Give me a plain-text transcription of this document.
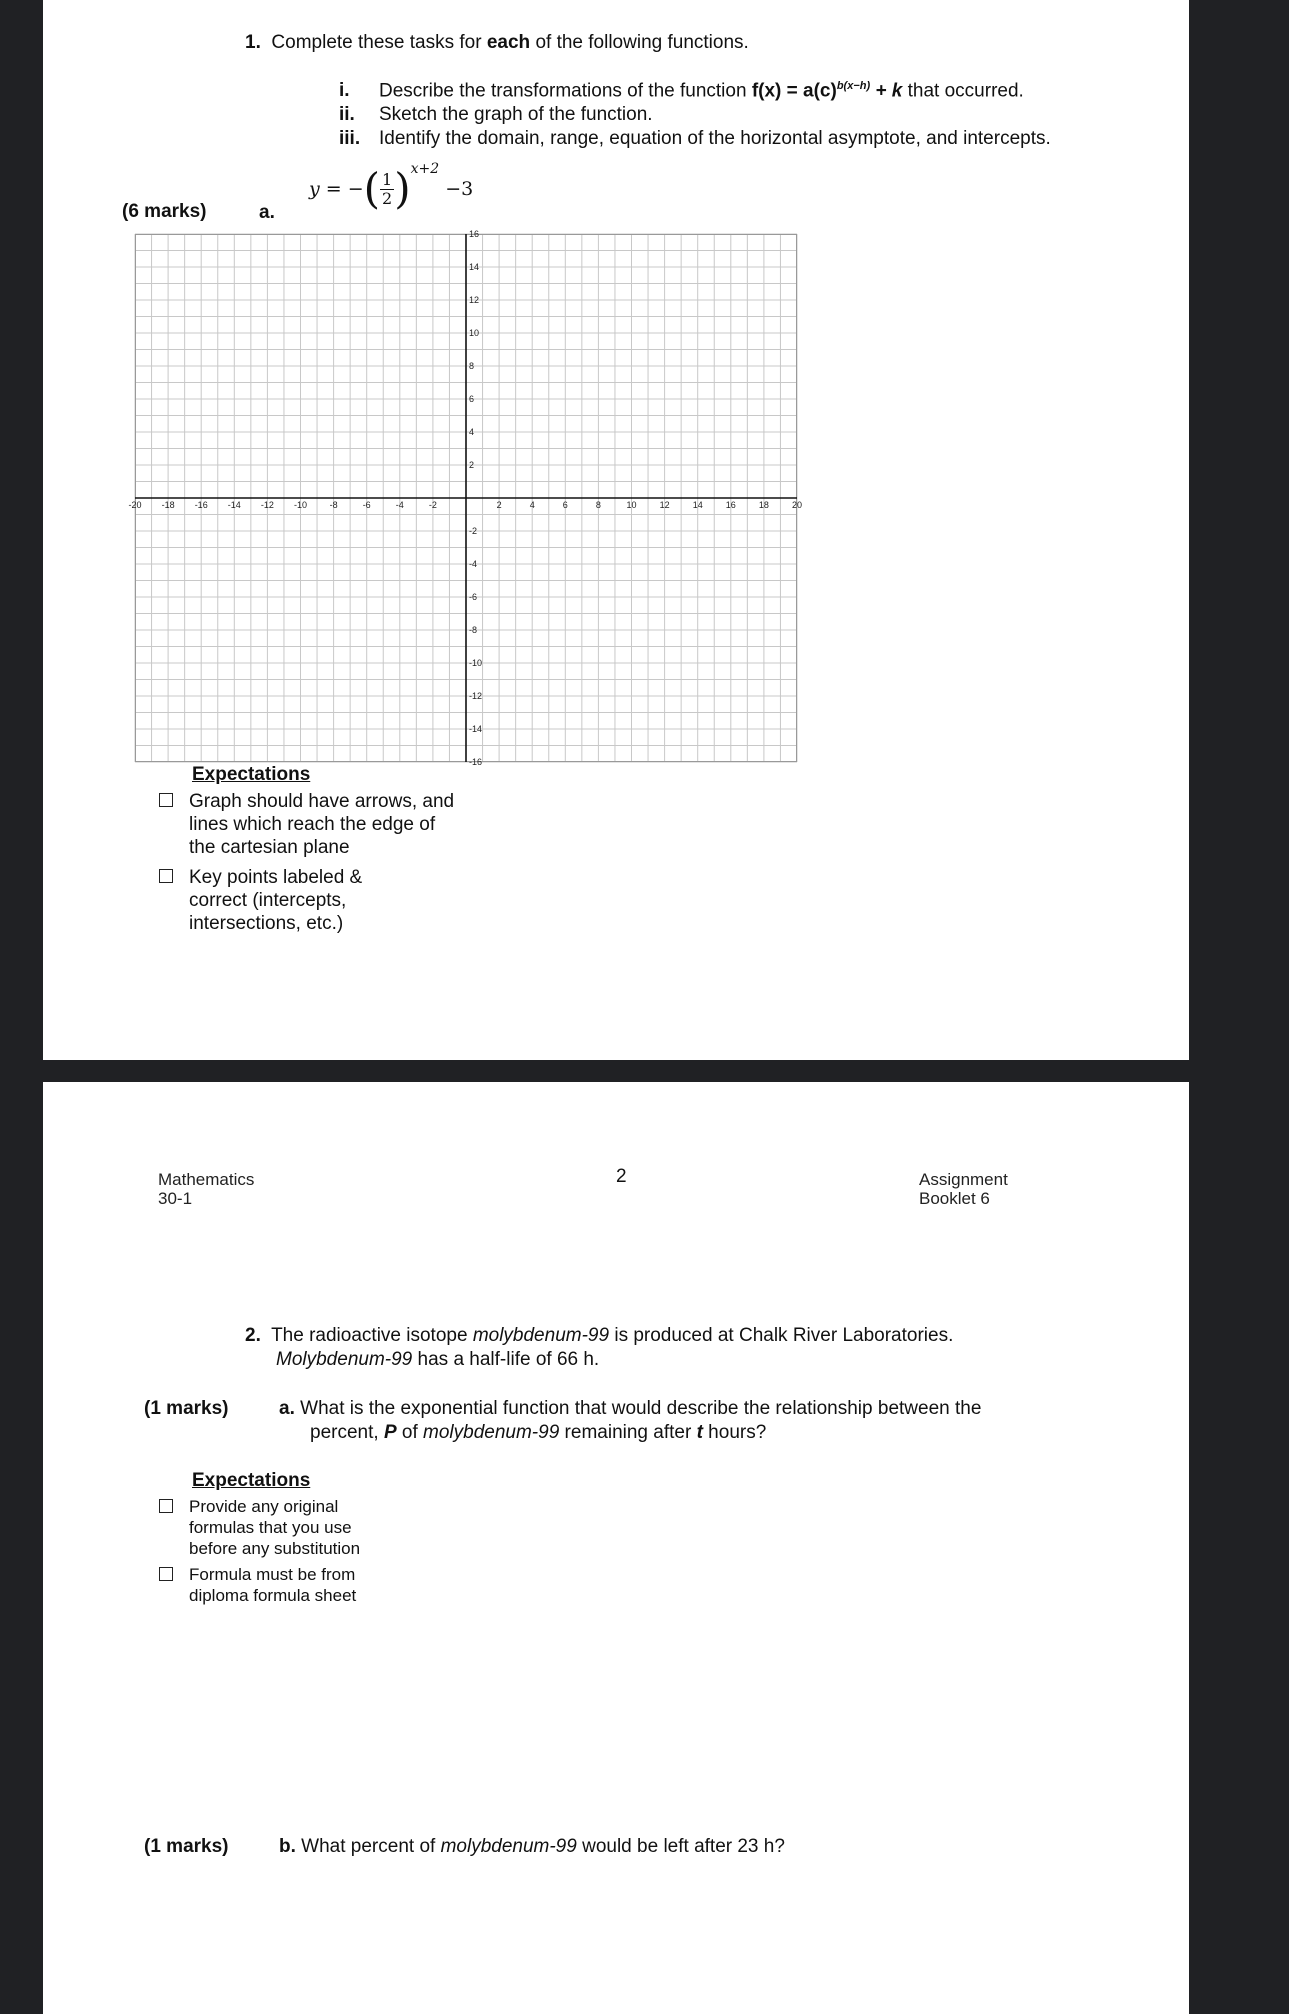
1. Complete these tasks for each of the following functions.
i. Describe the transformations of the function $f(x) = a(c)^{b(x-h)} + k$ that occurred.
ii. Sketch the graph of the function.
iii. Identify the domain, range, equation of the horizontal asymptote, and intercepts.
(6 marks)	a.
y = −( $\frac{1}{2} )^{x+2} -3$
-20 -18 -16 -14 -12 -10	-8	-6	-4	-2	2	4	6	8	10	12	14	16	18	20
16
14
12
10
8
6
4
2
-2
-4
-6
-8
-10
-12
-14
-16
Expectations
Graph should have arrows, and lines which reach the edge of the cartesian plane
Key points labeled & correct (intercepts, intersections, etc.)
Mathematics 30-1
2	Assignment Booklet 6
2. The radioactive isotope molybdenum-99 is produced at Chalk River Laboratories.
Molybdenum-99 has a half-life of 66 h.
(1 marks)	a. What is the exponential function that would describe the relationship between the
percent, P of molybdenum-99 remaining after t hours?
Expectations
Provide any original formulas that you use before any substitution
Formula must be from diploma formula sheet
(1 marks)	b. What percent of molybdenum-99 would be left after 23 h?
